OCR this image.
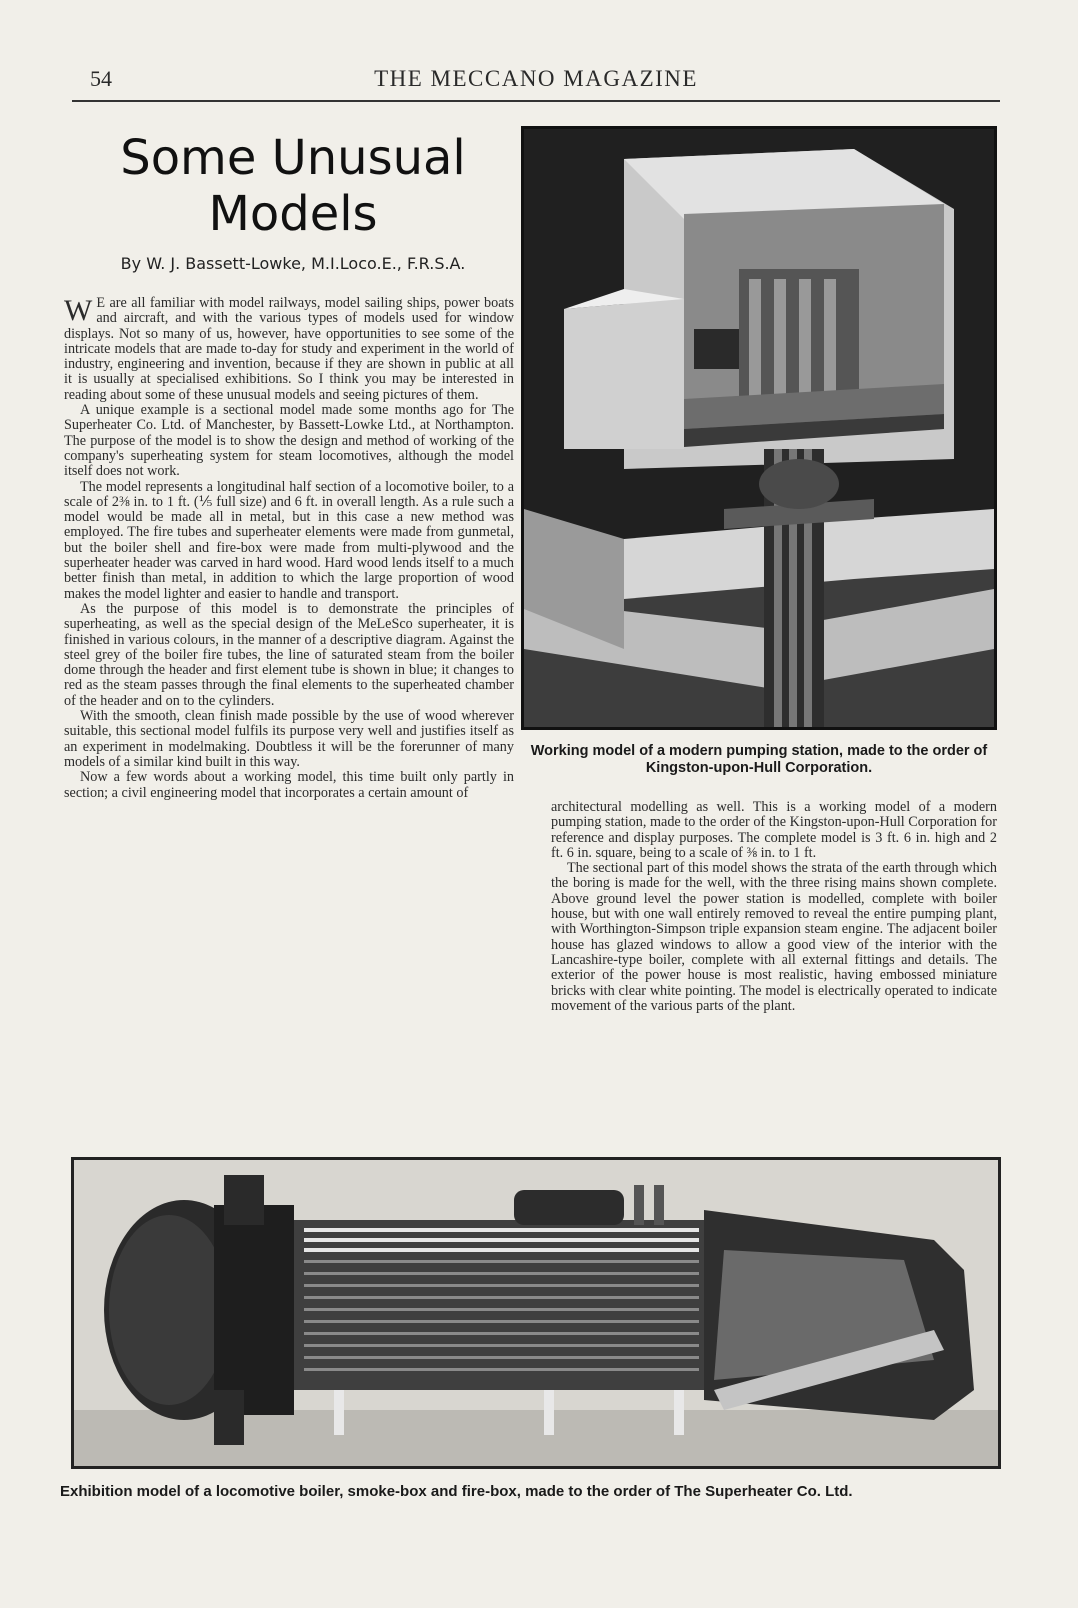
54	THE MECCANO MAGAZINE
Some Unusual
Models
By W. J. Bassett-Lowke, M.I.Loco.E., F.R.S.A.

W E are all familiar with model railways, model sailing ships, power boats and aircraft, and with the various types of models used for window displays. Not so many of us, however, have opportunities to see some of the intricate models that are made to-day for study and experiment in the world of industry, engineering and invention, because if they are shown in public at all it is usually at specialised exhibitions. So I think you may be interested in reading about some of these unusual models and seeing pictures of them.

A unique example is a sectional model made some months ago for The Superheater Co. Ltd. of Manchester, by Bassett-Lowke Ltd., at Northampton. The purpose of the model is to show the design and method of working of the company's superheating system for steam locomotives, although the model itself does not work.

The model represents a longitudinal half section of a locomotive boiler, to a scale of 2⅜ in. to 1 ft. (⅕ full size) and 6 ft. in overall length. As a rule such a model would be made all in metal, but in this case a new method was employed. The fire tubes and superheater elements were made from gunmetal, but the boiler shell and fire-box were made from multi-plywood and the superheater header was carved in hard wood. Hard wood lends itself to a much better finish than metal, in addition to which the large proportion of wood makes the model lighter and easier to handle and transport.

As the purpose of this model is to demonstrate the principles of superheating, as well as the special design of the MeLeSco superheater, it is finished in various colours, in the manner of a descriptive diagram. Against the steel grey of the boiler fire tubes, the line of saturated steam from the boiler dome through the header and first element tube is shown in blue; it changes to red as the steam passes through the final elements to the superheated chamber of the header and on to the cylinders.

With the smooth, clean finish made possible by the use of wood wherever suitable, this sectional model fulfils its purpose very well and justifies itself as an experiment in modelmaking. Doubtless it will be the forerunner of many models of a similar kind built in this way.

Now a few words about a working model, this time built only partly in section; a civil engineering model that incorporates a certain amount of

Working model of a modern pumping station, made to the order of Kingston-upon-Hull Corporation.

architectural modelling as well. This is a working model of a modern pumping station, made to the order of the Kingston-upon-Hull Corporation for reference and display purposes. The complete model is 3 ft. 6 in. high and 2 ft. 6 in. square, being to a scale of ⅜ in. to 1 ft.

The sectional part of this model shows the strata of the earth through which the boring is made for the well, with the three rising mains shown complete. Above ground level the power station is modelled, complete with boiler house, but with one wall entirely removed to reveal the entire pumping plant, with Worthington-Simpson triple expansion steam engine. The adjacent boiler house has glazed windows to allow a good view of the interior with the Lancashire-type boiler, complete with all external fittings and details. The exterior of the power house is most realistic, having embossed miniature bricks with clear white pointing. The model is electrically operated to indicate movement of the various parts of the plant.

Exhibition model of a locomotive boiler, smoke-box and fire-box, made to the order of The Superheater Co. Ltd.
